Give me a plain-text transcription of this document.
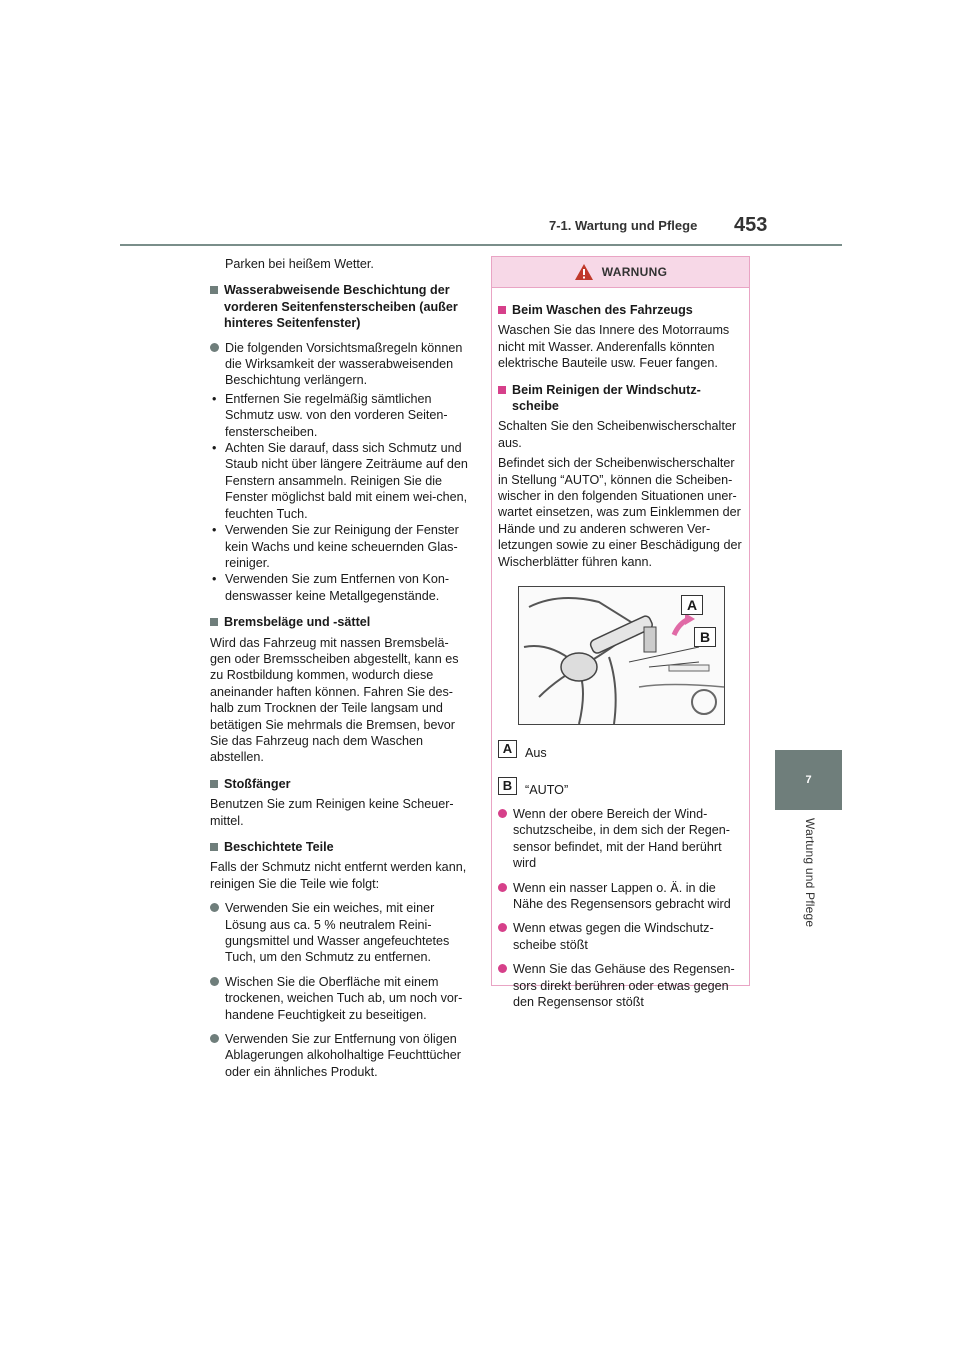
7-1. Wartung und Pflege 453
7
Wartung und Pflege
Parken bei heißem Wetter.
Wasserabweisende Beschichtung der vorderen Seitenfensterscheiben (außer hinteres Seitenfenster)
Die folgenden Vorsichtsmaßregeln können die Wirksamkeit der wasserabweisenden Beschichtung verlängern.
• Entfernen Sie regelmäßig sämtlichen Schmutz usw. von den vorderen Seiten-fensterscheiben.
• Achten Sie darauf, dass sich Schmutz und Staub nicht über längere Zeiträume auf den Fenstern ansammeln. Reinigen Sie die Fenster möglichst bald mit einem wei-chen, feuchten Tuch.
• Verwenden Sie zur Reinigung der Fenster kein Wachs und keine scheuernden Glas-reiniger.
• Verwenden Sie zum Entfernen von Kon-denswasser keine Metallgegenstände.
Bremsbeläge und -sättel
Wird das Fahrzeug mit nassen Bremsbelä-gen oder Bremsscheiben abgestellt, kann es zu Rostbildung kommen, wodurch diese aneinander haften können. Fahren Sie des-halb zum Trocknen der Teile langsam und betätigen Sie mehrmals die Bremsen, bevor Sie das Fahrzeug nach dem Waschen abstellen.
Stoßfänger
Benutzen Sie zum Reinigen keine Scheuer-mittel.
Beschichtete Teile
Falls der Schmutz nicht entfernt werden kann, reinigen Sie die Teile wie folgt:
Verwenden Sie ein weiches, mit einer Lösung aus ca. 5 % neutralem Reini-gungsmittel und Wasser angefeuchtetes Tuch, um den Schmutz zu entfernen.
Wischen Sie die Oberfläche mit einem trockenen, weichen Tuch ab, um noch vor-handene Feuchtigkeit zu beseitigen.
Verwenden Sie zur Entfernung von öligen Ablagerungen alkoholhaltige Feuchttücher oder ein ähnliches Produkt.
WARNUNG
Beim Waschen des Fahrzeugs
Waschen Sie das Innere des Motorraums nicht mit Wasser. Anderenfalls könnten elektrische Bauteile usw. Feuer fangen.
Beim Reinigen der Windschutz-scheibe
Schalten Sie den Scheibenwischerschalter aus.
Befindet sich der Scheibenwischerschalter in Stellung “AUTO”, können die Scheiben-wischer in den folgenden Situationen uner-wartet einsetzen, was zum Einklemmen der Hände und zu anderen schweren Ver-letzungen sowie zu einer Beschädigung der Wischerblätter führen kann.
A
B
A	Aus
B	“AUTO”
Wenn der obere Bereich der Wind-schutzscheibe, in dem sich der Regen-sensor befindet, mit der Hand berührt wird
Wenn ein nasser Lappen o. Ä. in die Nähe des Regensensors gebracht wird
Wenn etwas gegen die Windschutz-scheibe stößt
Wenn Sie das Gehäuse des Regensen-sors direkt berühren oder etwas gegen den Regensensor stößt
